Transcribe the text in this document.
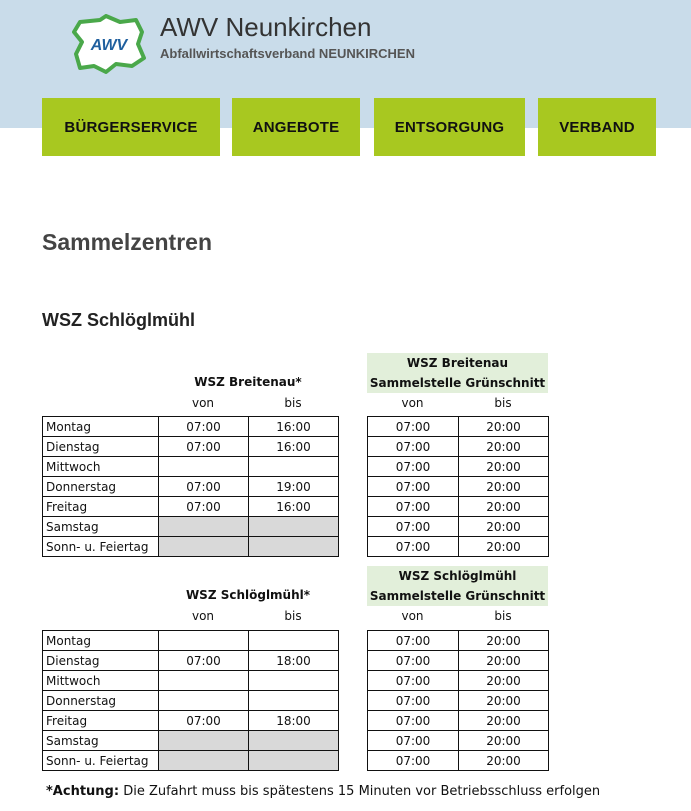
AWV
AWV Neunkirchen
Abfallwirtschaftsverband NEUNKIRCHEN
BÜRGERSERVICE	ANGEBOTE	ENTSORGUNG	VERBAND
Sammelzentren
WSZ Schlöglmühl
WSZ Breitenau*
von	bis
Montag	07:00	16:00
Dienstag	07:00	16:00
Mittwoch		
Donnerstag	07:00	19:00
Freitag	07:00	16:00
Samstag		
Sonn- u. Feiertag		
WSZ Breitenau
Sammelstelle Grünschnitt
von	bis
07:00	20:00
07:00	20:00
07:00	20:00
07:00	20:00
07:00	20:00
07:00	20:00
07:00	20:00
WSZ Schlöglmühl*
von	bis
Montag		
Dienstag	07:00	18:00
Mittwoch		
Donnerstag		
Freitag	07:00	18:00
Samstag		
Sonn- u. Feiertag		
WSZ Schlöglmühl
Sammelstelle Grünschnitt
von	bis
07:00	20:00
07:00	20:00
07:00	20:00
07:00	20:00
07:00	20:00
07:00	20:00
07:00	20:00
*Achtung: Die Zufahrt muss bis spätestens 15 Minuten vor Betriebsschluss erfolgen
